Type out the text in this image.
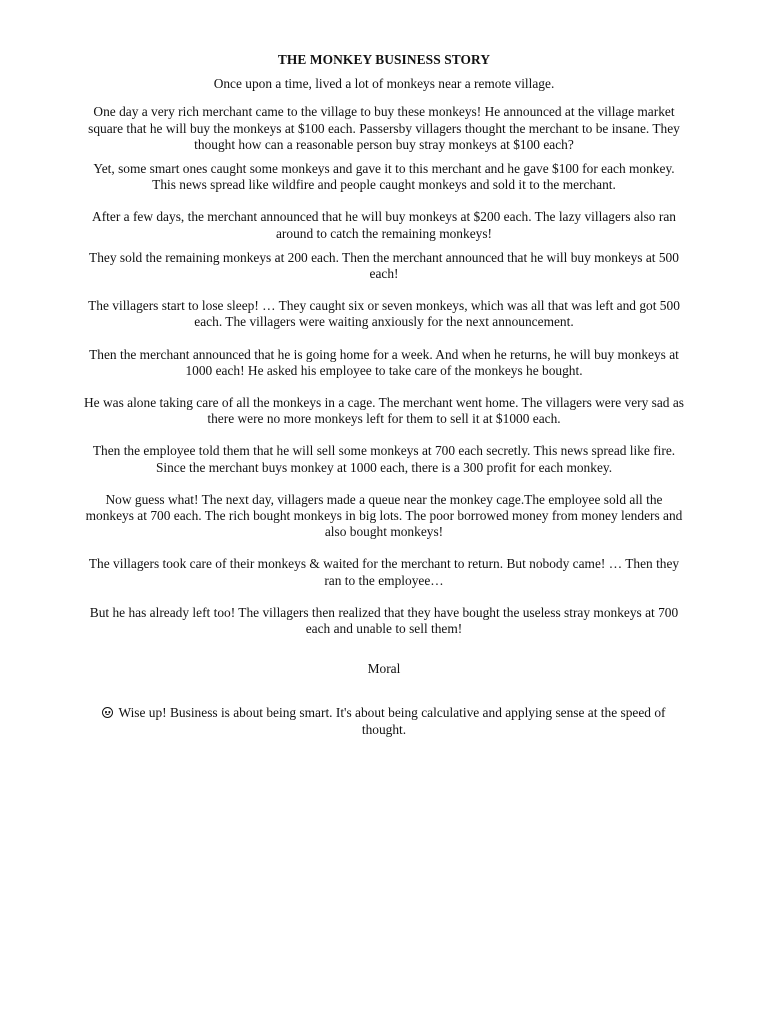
THE MONKEY BUSINESS STORY

Once upon a time, lived a lot of monkeys near a remote village.

One day a very rich merchant came to the village to buy these monkeys! He announced at the village market square that he will buy the monkeys at $100 each. Passersby villagers thought the merchant to be insane. They thought how can a reasonable person buy stray monkeys at $100 each?

Yet, some smart ones caught some monkeys and gave it to this merchant and he gave $100 for each monkey. This news spread like wildfire and people caught monkeys and sold it to the merchant.

After a few days, the merchant announced that he will buy monkeys at $200 each. The lazy villagers also ran around to catch the remaining monkeys!

They sold the remaining monkeys at 200 each. Then the merchant announced that he will buy monkeys at 500 each!

The villagers start to lose sleep! … They caught six or seven monkeys, which was all that was left and got 500 each. The villagers were waiting anxiously for the next announcement.

Then the merchant announced that he is going home for a week. And when he returns, he will buy monkeys at 1000 each! He asked his employee to take care of the monkeys he bought.

He was alone taking care of all the monkeys in a cage. The merchant went home. The villagers were very sad as there were no more monkeys left for them to sell it at $1000 each.

Then the employee told them that he will sell some monkeys at 700 each secretly. This news spread like fire. Since the merchant buys monkey at 1000 each, there is a 300 profit for each monkey.

Now guess what! The next day, villagers made a queue near the monkey cage.The employee sold all the monkeys at 700 each. The rich bought monkeys in big lots. The poor borrowed money from money lenders and also bought monkeys!

The villagers took care of their monkeys & waited for the merchant to return. But nobody came! … Then they ran to the employee…

But he has already left too! The villagers then realized that they have bought the useless stray monkeys at 700 each and unable to sell them!

Moral

Wise up! Business is about being smart. It's about being calculative and applying sense at the speed of thought.
